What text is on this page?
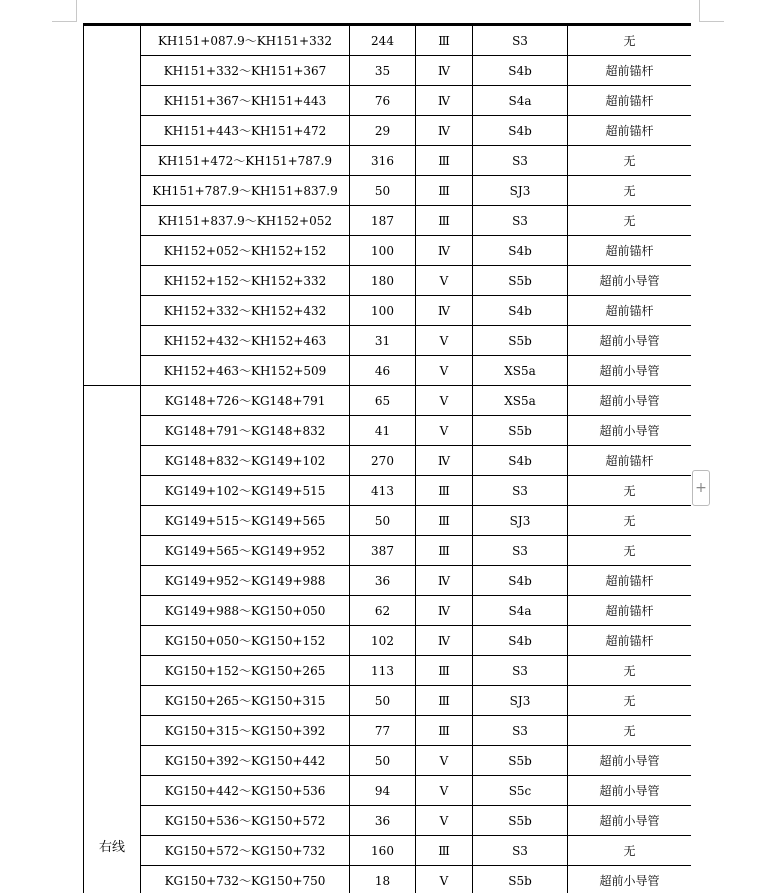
	KH151+087.9～KH151+332	244	Ⅲ	S3	无
	KH151+332～KH151+367	35	Ⅳ	S4b	超前锚杆
	KH151+367～KH151+443	76	Ⅳ	S4a	超前锚杆
	KH151+443～KH151+472	29	Ⅳ	S4b	超前锚杆
	KH151+472～KH151+787.9	316	Ⅲ	S3	无
	KH151+787.9～KH151+837.9	50	Ⅲ	SJ3	无
	KH151+837.9～KH152+052	187	Ⅲ	S3	无
	KH152+052～KH152+152	100	Ⅳ	S4b	超前锚杆
	KH152+152～KH152+332	180	Ⅴ	S5b	超前小导管
	KH152+332～KH152+432	100	Ⅳ	S4b	超前锚杆
	KH152+432～KH152+463	31	Ⅴ	S5b	超前小导管
	KH152+463～KH152+509	46	Ⅴ	XS5a	超前小导管
右线	KG148+726～KG148+791	65	Ⅴ	XS5a	超前小导管
	KG148+791～KG148+832	41	Ⅴ	S5b	超前小导管
	KG148+832～KG149+102	270	Ⅳ	S4b	超前锚杆
	KG149+102～KG149+515	413	Ⅲ	S3	无
	KG149+515～KG149+565	50	Ⅲ	SJ3	无
	KG149+565～KG149+952	387	Ⅲ	S3	无
	KG149+952～KG149+988	36	Ⅳ	S4b	超前锚杆
	KG149+988～KG150+050	62	Ⅳ	S4a	超前锚杆
	KG150+050～KG150+152	102	Ⅳ	S4b	超前锚杆
	KG150+152～KG150+265	113	Ⅲ	S3	无
	KG150+265～KG150+315	50	Ⅲ	SJ3	无
	KG150+315～KG150+392	77	Ⅲ	S3	无
	KG150+392～KG150+442	50	Ⅴ	S5b	超前小导管
	KG150+442～KG150+536	94	Ⅴ	S5c	超前小导管
	KG150+536～KG150+572	36	Ⅴ	S5b	超前小导管
	KG150+572～KG150+732	160	Ⅲ	S3	无
	KG150+732～KG150+750	18	Ⅴ	S5b	超前小导管
+
